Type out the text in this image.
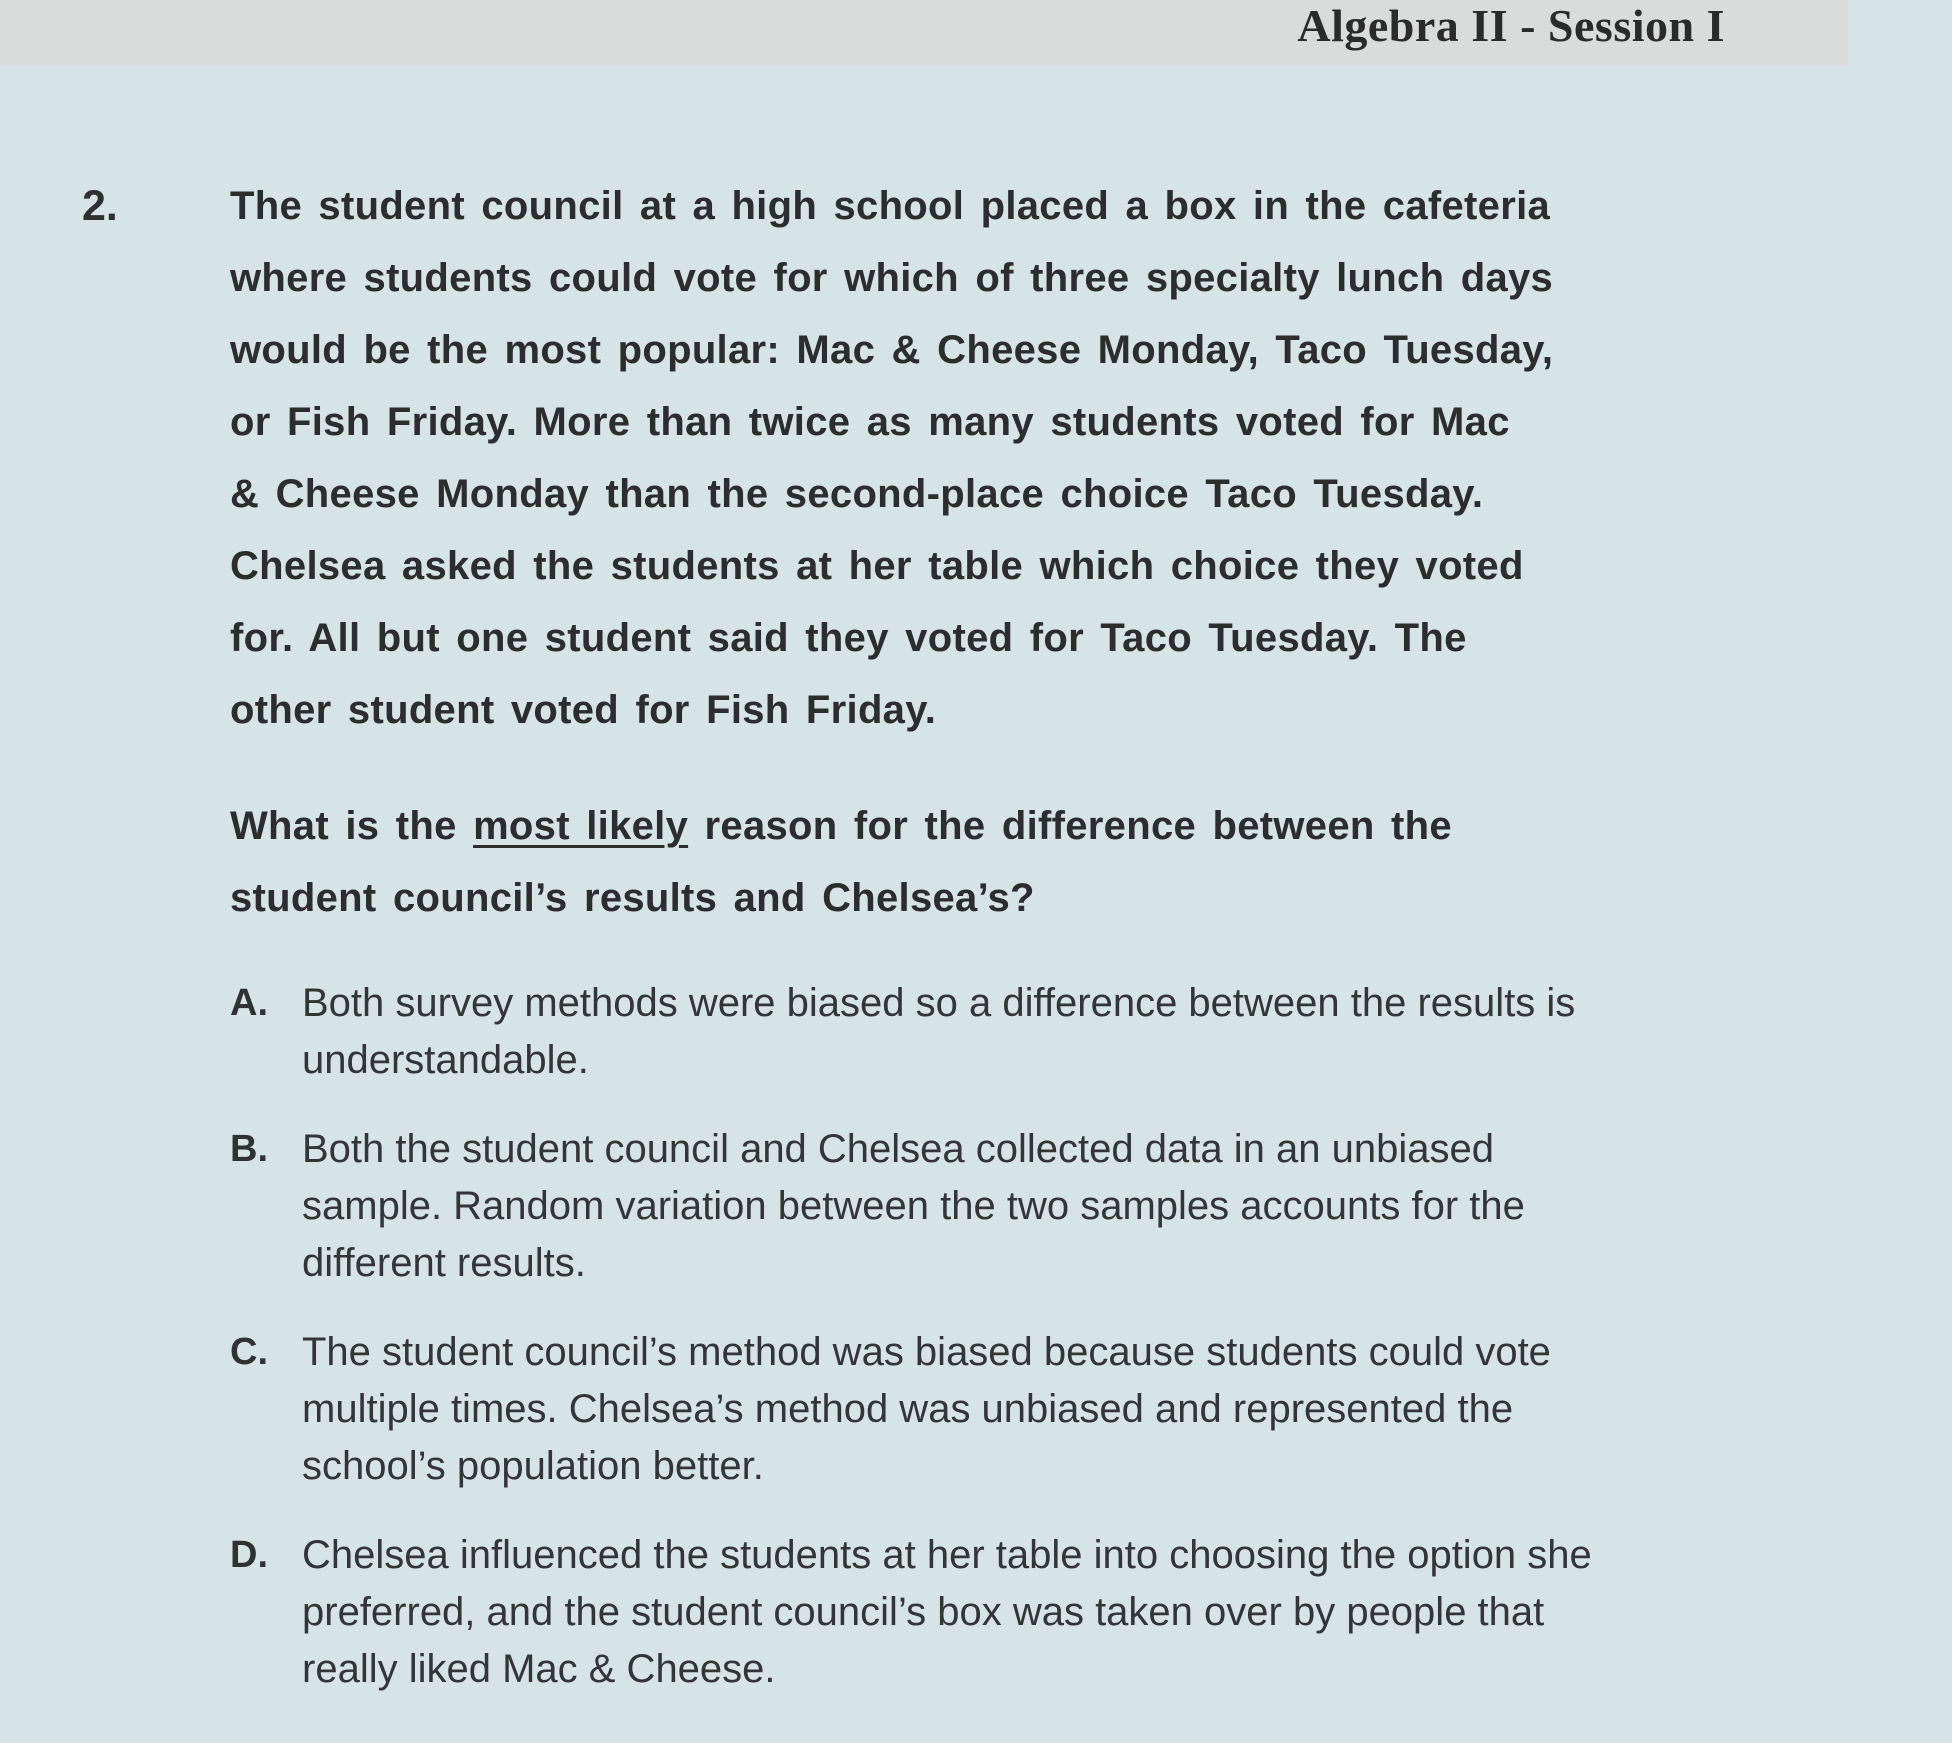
Algebra II - Session I
2.	The student council at a high school placed a box in the cafeteria
where students could vote for which of three specialty lunch days
would be the most popular: Mac & Cheese Monday, Taco Tuesday,
or Fish Friday. More than twice as many students voted for Mac
& Cheese Monday than the second-place choice Taco Tuesday.
Chelsea asked the students at her table which choice they voted
for. All but one student said they voted for Taco Tuesday. The
other student voted for Fish Friday.
What is the most likely reason for the difference between the
student council’s results and Chelsea’s?
A. Both survey methods were biased so a difference between the results is
understandable.
B. Both the student council and Chelsea collected data in an unbiased
sample. Random variation between the two samples accounts for the
different results.
C. The student council’s method was biased because students could vote
multiple times. Chelsea’s method was unbiased and represented the
school’s population better.
D. Chelsea influenced the students at her table into choosing the option she
preferred, and the student council’s box was taken over by people that
really liked Mac & Cheese.
